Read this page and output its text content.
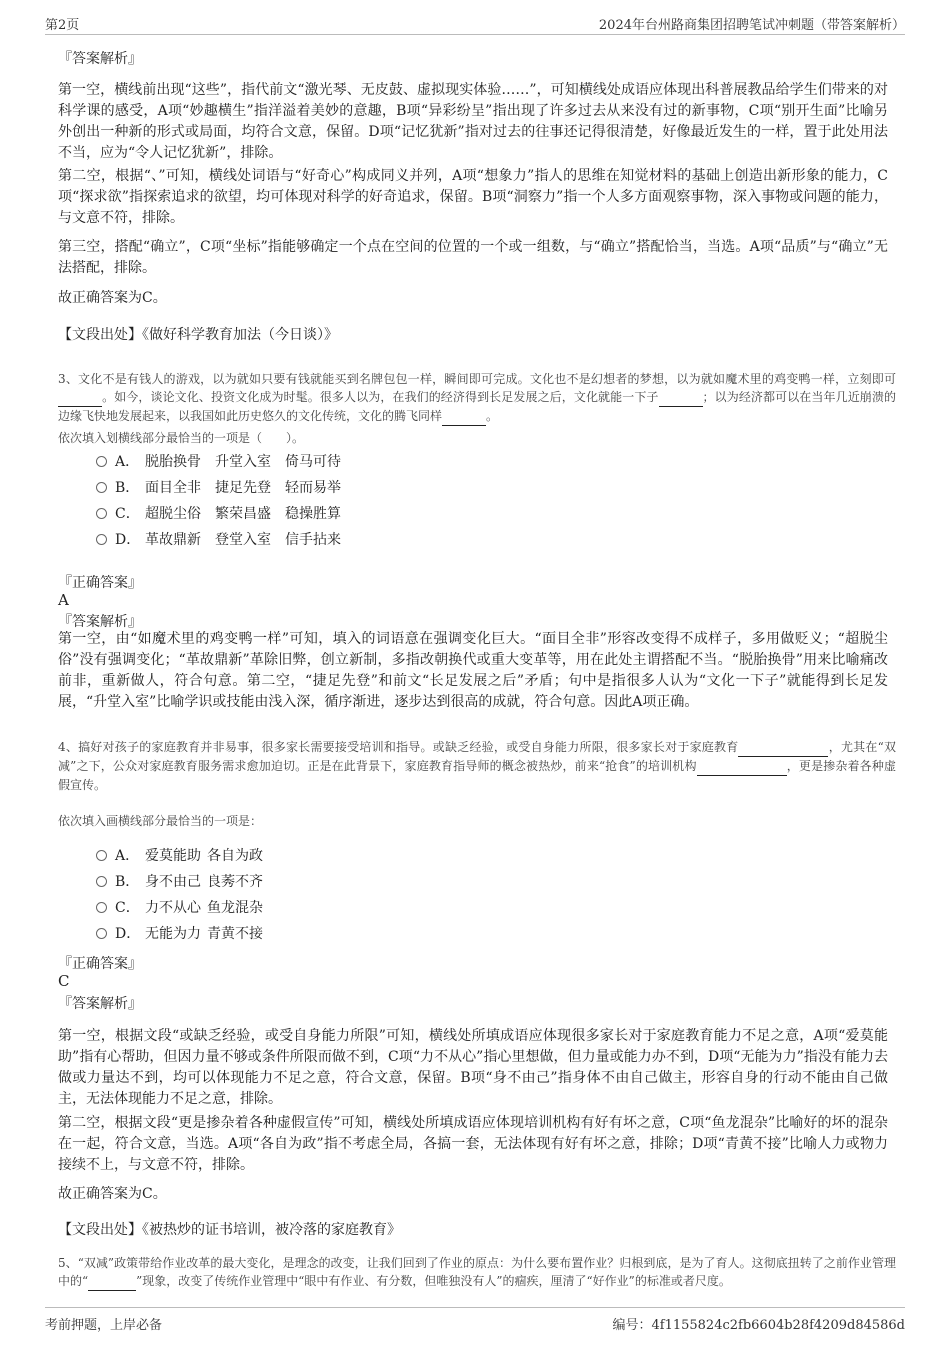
第2页	2024年台州路商集团招聘笔试冲刺题（带答案解析）
『答案解析』
第一空，横线前出现“这些”，指代前文“激光琴、无皮鼓、虚拟现实体验……”，可知横线处成语应体现出科普展教品给学生们带来的对科学课的感受，A项“妙趣横生”指洋溢着美妙的意趣，B项“异彩纷呈”指出现了许多过去从来没有过的新事物，C项“别开生面”比喻另外创出一种新的形式或局面，均符合文意，保留。D项“记忆犹新”指对过去的往事还记得很清楚，好像最近发生的一样，置于此处用法不当，应为“令人记忆犹新”，排除。
第二空，根据“、”可知，横线处词语与“好奇心”构成同义并列，A项“想象力”指人的思维在知觉材料的基础上创造出新形象的能力，C项“探求欲”指探索追求的欲望，均可体现对科学的好奇追求，保留。B项“洞察力”指一个人多方面观察事物，深入事物或问题的能力，与文意不符，排除。
第三空，搭配“确立”，C项“坐标”指能够确定一个点在空间的位置的一个或一组数，与“确立”搭配恰当，当选。A项“品质”与“确立”无法搭配，排除。
故正确答案为C。
【文段出处】《做好科学教育加法（今日谈）》
3、文化不是有钱人的游戏，以为就如只要有钱就能买到名牌包包一样，瞬间即可完成。文化也不是幻想者的梦想，以为就如魔术里的鸡变鸭一样，立刻即可 。如今，谈论文化、投资文化成为时髦。很多人以为，在我们的经济得到长足发展之后，文化就能一下子	；以为经济都可以在当年几近崩溃的边缘飞快地发展起来，以我国如此历史悠久的文化传统，文化的腾飞同样	。
依次填入划横线部分最恰当的一项是（　　）。
A． 脱胎换骨 升堂入室 倚马可待
B． 面目全非 捷足先登 轻而易举
C． 超脱尘俗 繁荣昌盛 稳操胜算
D． 革故鼎新 登堂入室 信手拈来
『正确答案』
A
『答案解析』
第一空，由“如魔术里的鸡变鸭一样”可知，填入的词语意在强调变化巨大。“面目全非”形容改变得不成样子，多用做贬义；“超脱尘俗”没有强调变化；“革故鼎新”革除旧弊，创立新制，多指改朝换代或重大变革等，用在此处主谓搭配不当。“脱胎换骨”用来比喻痛改前非，重新做人，符合句意。第二空，“捷足先登”和前文“长足发展之后”矛盾；句中是指很多人认为“文化一下子”就能得到长足发展，“升堂入室”比喻学识或技能由浅入深，循序渐进，逐步达到很高的成就，符合句意。因此A项正确。
4、搞好对孩子的家庭教育并非易事，很多家长需要接受培训和指导。或缺乏经验，或受自身能力所限，很多家长对于家庭教育	，尤其在“双减”之下，公众对家庭教育服务需求愈加迫切。正是在此背景下，家庭教育指导师的概念被热炒，前来“抢食”的培训机构	，更是掺杂着各种虚假宣传。
依次填入画横线部分最恰当的一项是：
A． 爱莫能助 各自为政
B． 身不由己 良莠不齐
C． 力不从心 鱼龙混杂
D． 无能为力 青黄不接
『正确答案』
C
『答案解析』
第一空，根据文段“或缺乏经验，或受自身能力所限”可知，横线处所填成语应体现很多家长对于家庭教育能力不足之意，A项“爱莫能助”指有心帮助，但因力量不够或条件所限而做不到，C项“力不从心”指心里想做，但力量或能力办不到，D项“无能为力”指没有能力去做或力量达不到，均可以体现能力不足之意，符合文意，保留。B项“身不由己”指身体不由自己做主，形容自身的行动不能由自己做主，无法体现能力不足之意，排除。
第二空，根据文段“更是掺杂着各种虚假宣传”可知，横线处所填成语应体现培训机构有好有坏之意，C项“鱼龙混杂”比喻好的坏的混杂在一起，符合文意，当选。A项“各自为政”指不考虑全局，各搞一套，无法体现有好有坏之意，排除；D项“青黄不接”比喻人力或物力接续不上，与文意不符，排除。
故正确答案为C。
【文段出处】《被热炒的证书培训，被冷落的家庭教育》
5、“双减”政策带给作业改革的最大变化，是理念的改变，让我们回到了作业的原点：为什么要布置作业？归根到底，是为了育人。这彻底扭转了之前作业管理中的“	”现象，改变了传统作业管理中“眼中有作业、有分数，但唯独没有人”的痼疾，厘清了“好作业”的标准或者尺度。
考前押题，上岸必备	编号：4f1155824c2fb6604b28f4209d84586d
